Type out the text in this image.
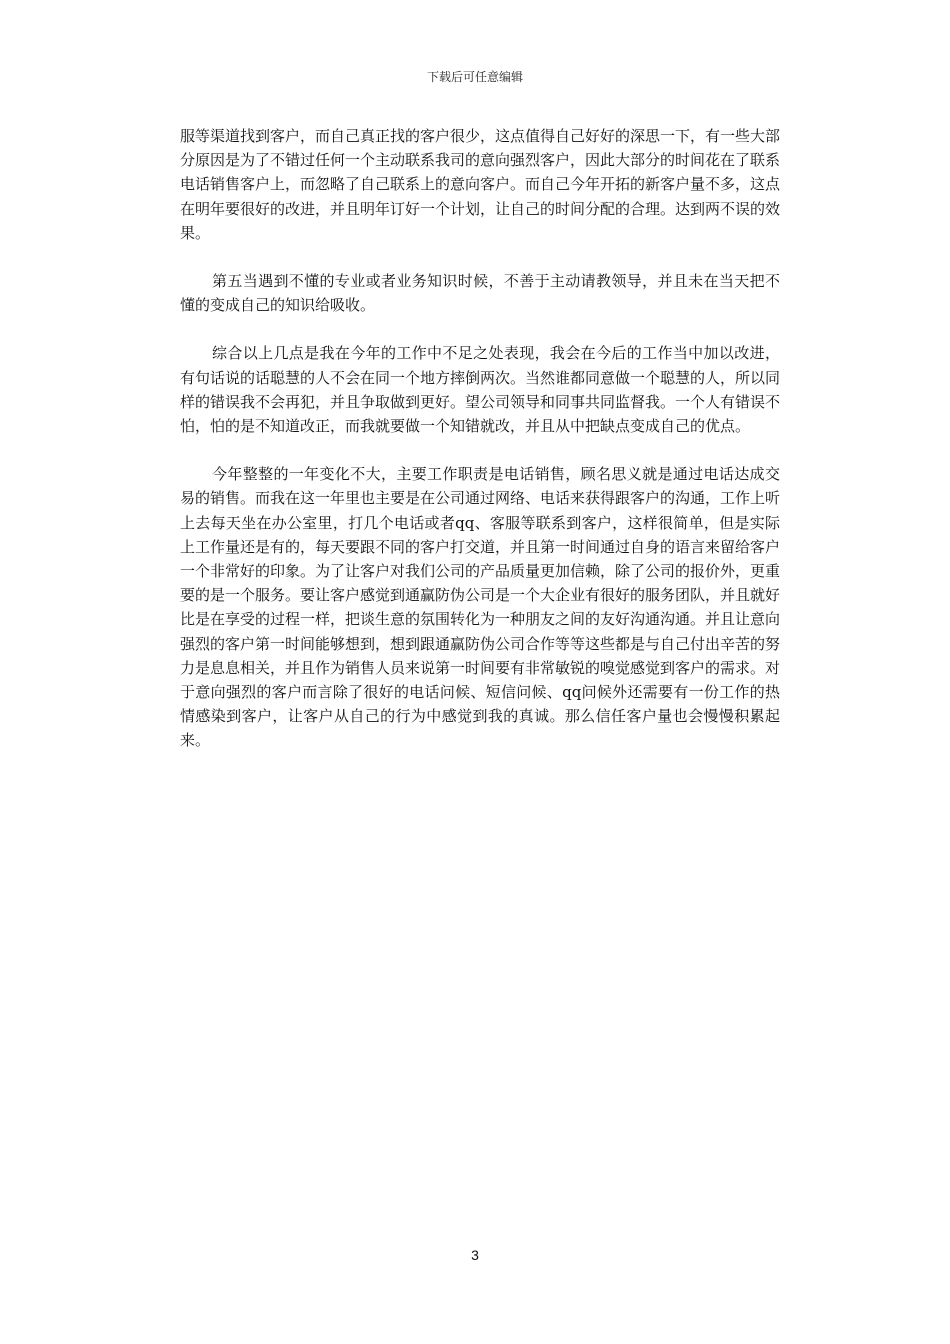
下载后可任意编辑

服等渠道找到客户，而自己真正找的客户很少，这点值得自己好好的深思一下，有一些大部分原因是为了不错过任何一个主动联系我司的意向强烈客户，因此大部分的时间花在了联系电话销售客户上，而忽略了自己联系上的意向客户。而自己今年开拓的新客户量不多，这点在明年要很好的改进，并且明年订好一个计划，让自己的时间分配的合理。达到两不误的效果。

第五当遇到不懂的专业或者业务知识时候，不善于主动请教领导，并且未在当天把不懂的变成自己的知识给吸收。

综合以上几点是我在今年的工作中不足之处表现，我会在今后的工作当中加以改进，有句话说的话聪慧的人不会在同一个地方摔倒两次。当然谁都同意做一个聪慧的人，所以同样的错误我不会再犯，并且争取做到更好。望公司领导和同事共同监督我。一个人有错误不怕，怕的是不知道改正，而我就要做一个知错就改，并且从中把缺点变成自己的优点。

今年整整的一年变化不大，主要工作职责是电话销售，顾名思义就是通过电话达成交易的销售。而我在这一年里也主要是在公司通过网络、电话来获得跟客户的沟通，工作上听上去每天坐在办公室里，打几个电话或者qq、客服等联系到客户，这样很简单，但是实际上工作量还是有的，每天要跟不同的客户打交道，并且第一时间通过自身的语言来留给客户一个非常好的印象。为了让客户对我们公司的产品质量更加信赖，除了公司的报价外，更重要的是一个服务。要让客户感觉到通赢防伪公司是一个大企业有很好的服务团队，并且就好比是在享受的过程一样，把谈生意的氛围转化为一种朋友之间的友好沟通沟通。并且让意向强烈的客户第一时间能够想到，想到跟通赢防伪公司合作等等这些都是与自己付出辛苦的努力是息息相关，并且作为销售人员来说第一时间要有非常敏锐的嗅觉感觉到客户的需求。对于意向强烈的客户而言除了很好的电话问候、短信问候、qq问候外还需要有一份工作的热情感染到客户，让客户从自己的行为中感觉到我的真诚。那么信任客户量也会慢慢积累起来。

3
